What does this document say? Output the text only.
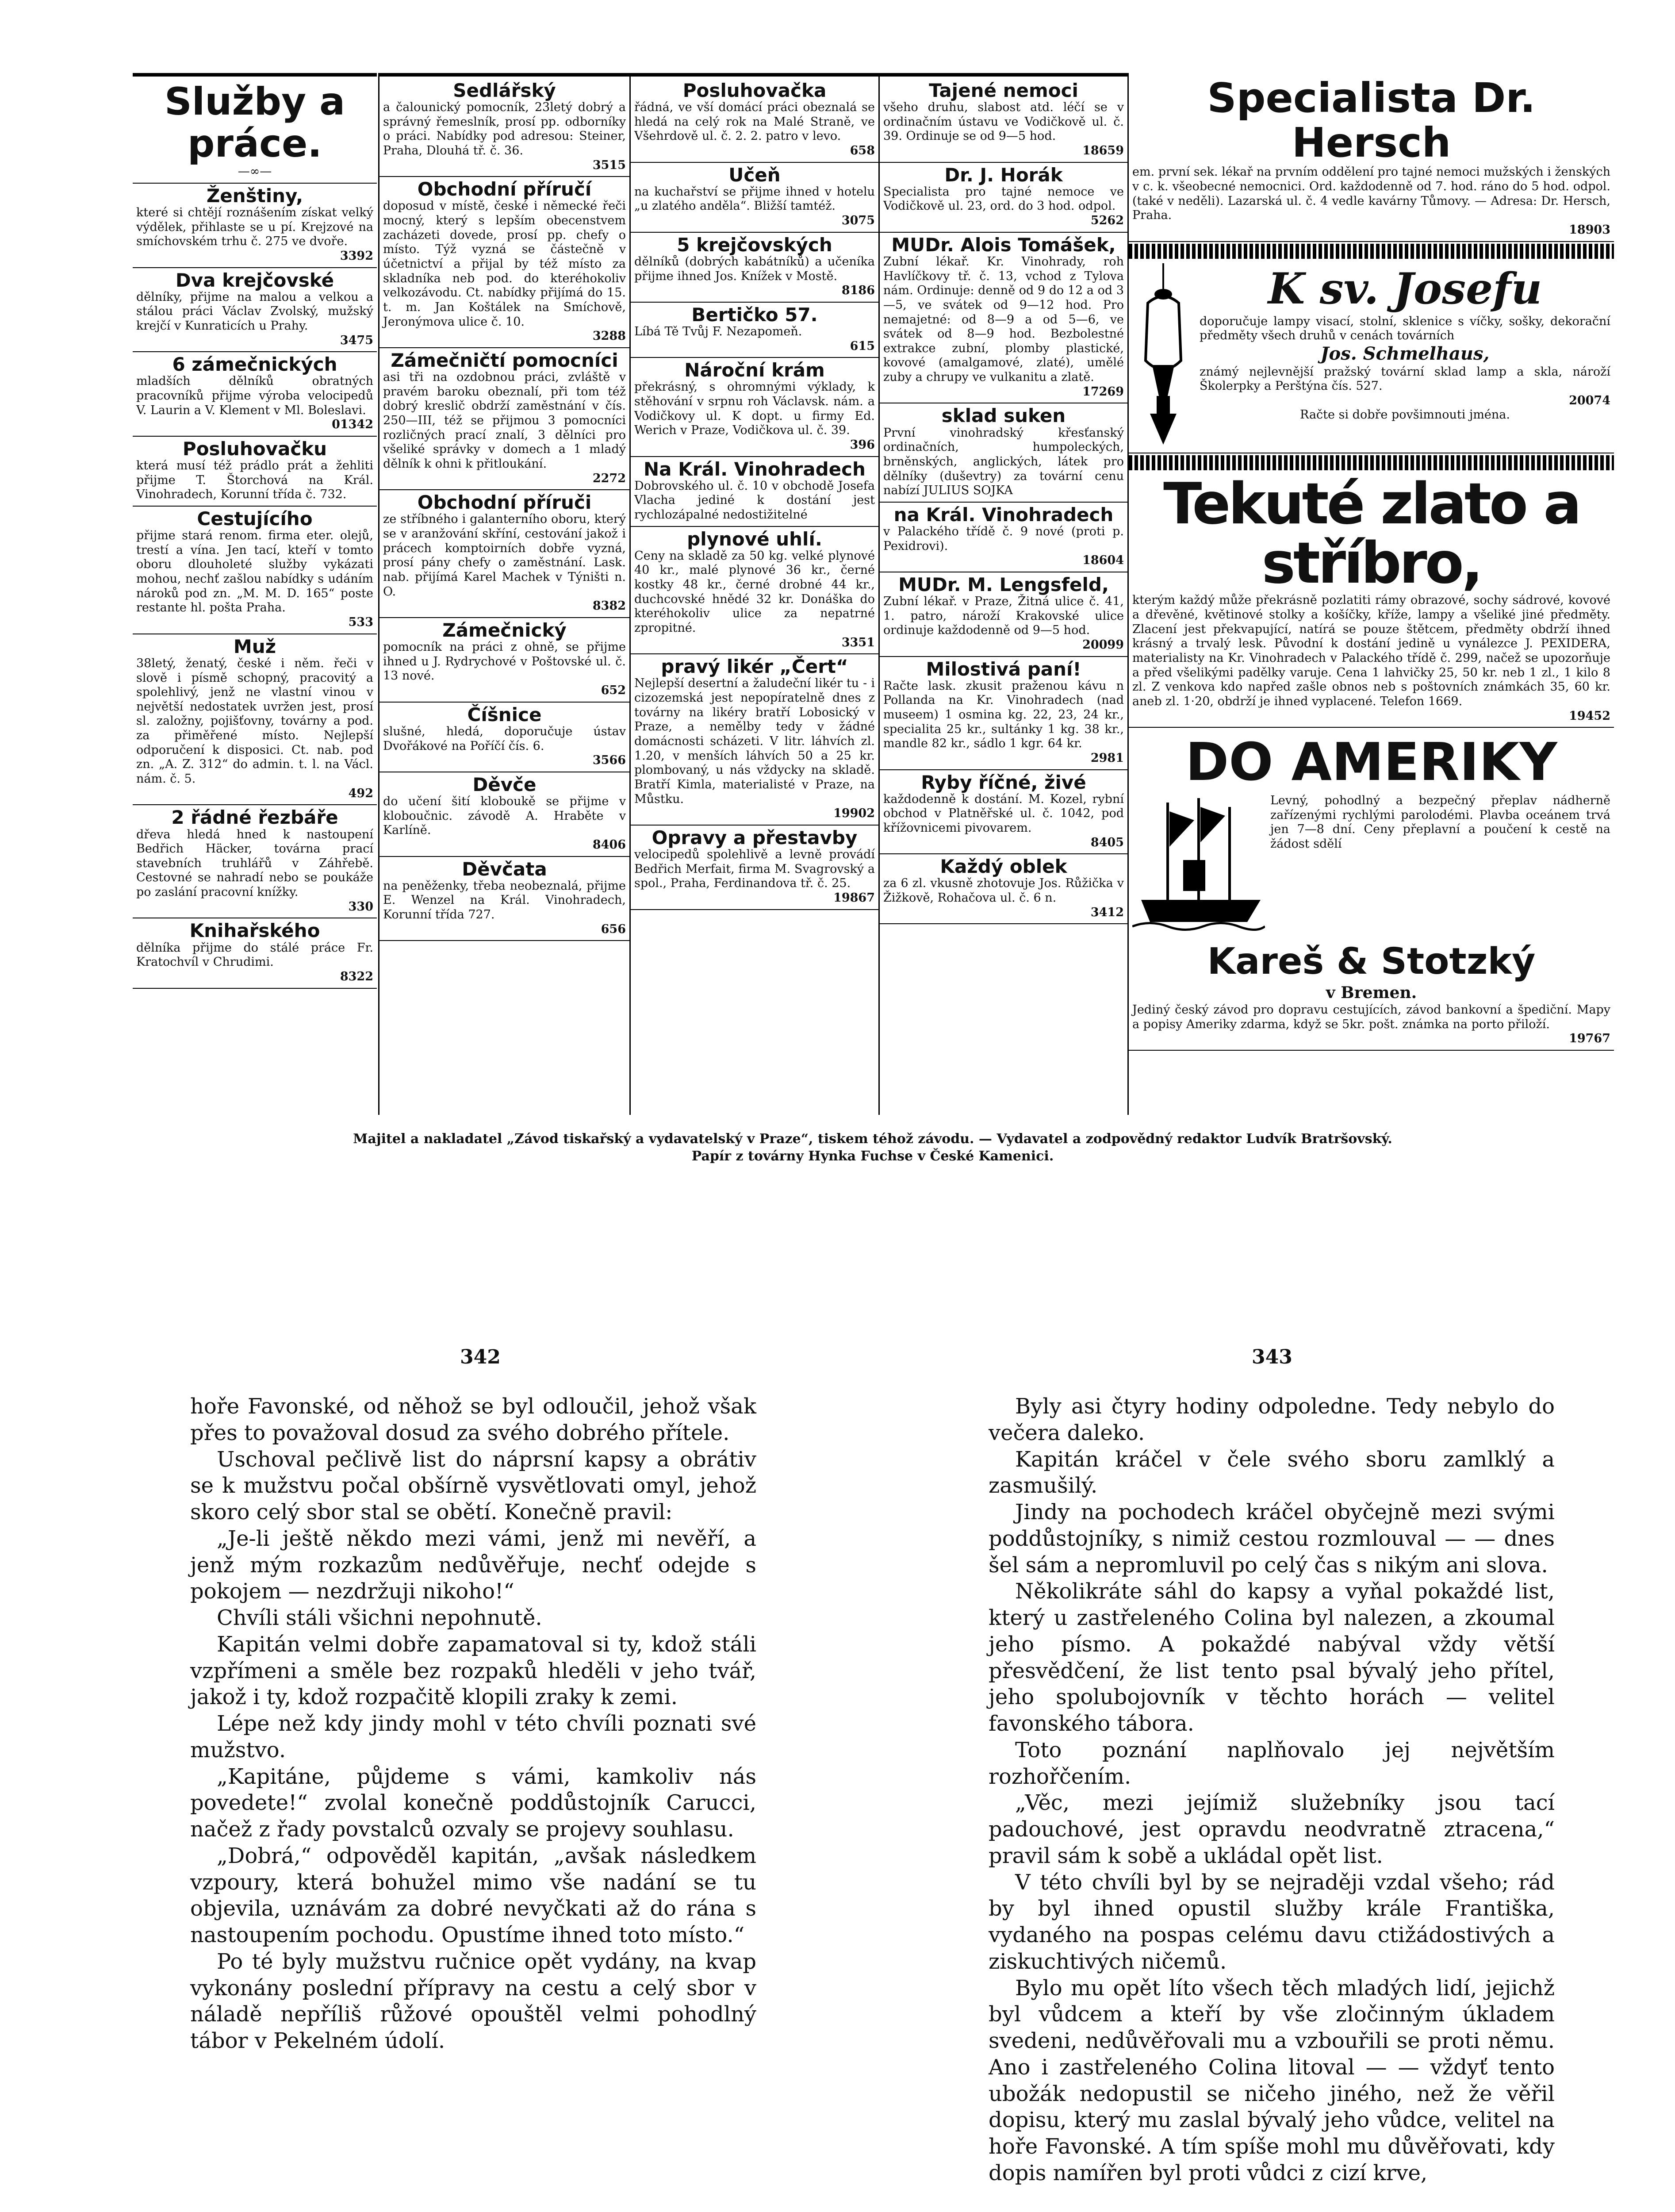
Služby a práce.
—∞—
Ženštiny,

které si chtějí roznášením získat velký výdělek, přihlaste se u pí. Krejzové na smíchovském trhu č. 275 ve dvoře.

3392
Dva krejčovské

dělníky, přijme na malou a velkou a stálou práci Václav Zvolský, mužský krejčí v Kunraticích u Prahy.

3475
6 zámečnických

mladších dělníků obratných pracovníků přijme výroba velocipedů V. Laurin a V. Klement v Ml. Boleslavi.

01342
Posluhovačku

která musí též prádlo prát a žehliti přijme T. Štorchová na Král. Vinohradech, Korunní třída č. 732.

Cestujícího

přijme stará renom. firma eter. olejů, trestí a vína. Jen tací, kteří v tomto oboru dlouholeté služby vykázati mohou, nechť zašlou nabídky s udáním nároků pod zn. „M. M. D. 165“ poste restante hl. pošta Praha.

533
Muž

38letý, ženatý, české i něm. řeči v slově i písmě schopný, pracovitý a spolehlivý, jenž ne vlastní vinou v největší nedostatek uvržen jest, prosí sl. založny, pojišťovny, továrny a pod. za přiměřené místo. Nejlepší odporučení k disposici. Ct. nab. pod zn. „A. Z. 312“ do admin. t. l. na Václ. nám. č. 5.

492
2 řádné řezbáře

dřeva hledá hned k nastoupení Bedřich Häcker, továrna prací stavebních truhlářů v Záhřebě. Cestovné se nahradí nebo se poukáže po zaslání pracovní knížky.

330
Knihařského

dělníka přijme do stálé práce Fr. Kratochvíl v Chrudimi.

8322
Sedlářský

a čalounický pomocník, 23letý dobrý a správný řemeslník, prosí pp. odborníky o práci. Nabídky pod adresou: Steiner, Praha, Dlouhá tř. č. 36.

3515
Obchodní příručí

doposud v místě, české i německé řeči mocný, který s lepším obecenstvem zacházeti dovede, prosí pp. chefy o místo. Týž vyzná se částečně v účetnictví a přijal by též místo za skladníka neb pod. do kteréhokoliv velkozávodu. Ct. nabídky přijímá do 15. t. m. Jan Koštálek na Smíchově, Jeronýmova ulice č. 10.

3288
Zámečničtí pomocníci

asi tři na ozdobnou práci, zvláště v pravém baroku obeznalí, při tom též dobrý kreslič obdrží zaměstnání v čís. 250—III, též se přijmou 3 pomocníci rozličných prací znalí, 3 dělníci pro všeliké správky v domech a 1 mladý dělník k ohni k přitloukání.

2272
Obchodní příruči

ze stříbného i galanterního oboru, který se v aranžování skříní, cestování jakož i prácech komptoirních dobře vyzná, prosí pány chefy o zaměstnání. Lask. nab. přijímá Karel Machek v Týništi n. O.

8382
Zámečnický

pomocník na práci z ohně, se přijme ihned u J. Rydrychové v Poštovské ul. č. 13 nové.

652
Číšnice

slušné, hledá, doporučuje ústav Dvořákové na Poříčí čís. 6.

3566
Děvče

do učení šití kloboukě se přijme v kloboučnic. závodě A. Hraběte v Karlíně.

8406
Děvčata

na peněženky, třeba neobeznalá, přijme E. Wenzel na Král. Vinohradech, Korunní třída 727.

656
Posluhovačka

řádná, ve vší domácí práci obeznalá se hledá na celý rok na Malé Straně, ve Všehrdově ul. č. 2. 2. patro v levo.

658
Učeň

na kuchařství se přijme ihned v hotelu „u zlatého anděla“. Bližší tamtéž.

3075
5 krejčovských

dělníků (dobrých kabátníků) a učeníka přijme ihned Jos. Knížek v Mostě.

8186
Bertičko 57.

Líbá Tě Tvůj F. Nezapomeň.

615
Nároční krám

překrásný, s ohromnými výklady, k stěhování v srpnu roh Václavsk. nám. a Vodičkovy ul. K dopt. u firmy Ed. Werich v Praze, Vodičkova ul. č. 39.

396
Na Král. Vinohradech

Dobrovského ul. č. 10 v obchodě Josefa Vlacha jediné k dostání jest rychlozápalné nedostižitelné

plynové uhlí.

Ceny na skladě za 50 kg. velké plynové 40 kr., malé plynové 36 kr., černé kostky 48 kr., černé drobné 44 kr., duchcovské hnědé 32 kr. Donáška do kteréhokoliv ulice za nepatrné zpropitné.

3351
pravý likér „Čert“

Nejlepší desertní a žaludeční likér tu - i cizozemská jest nepopíratelně dnes z továrny na likéry bratří Lobosický v Praze, a nemělby tedy v žádné domácnosti scházeti. V litr. láhvích zl. 1.20, v menších láhvích 50 a 25 kr. plombovaný, u nás vždycky na skladě. Bratří Kimla, materialisté v Praze, na Můstku.

19902
Opravy a přestavby

velocipedů spolehlivě a levně provádí Bedřich Merfait, firma M. Svagrovský a spol., Praha, Ferdinandova tř. č. 25.

19867
Tajené nemoci

všeho druhu, slabost atd. léčí se v ordinačním ústavu ve Vodičkově ul. č. 39. Ordinuje se od 9—5 hod.

18659
Dr. J. Horák

Specialista pro tajné nemoce ve Vodičkově ul. 23, ord. do 3 hod. odpol.

5262
MUDr. Alois Tomášek,

Zubní lékař. Kr. Vinohrady, roh Havlíčkovy tř. č. 13, vchod z Tylova nám. Ordinuje: denně od 9 do 12 a od 3—5, ve svátek od 9—12 hod. Pro nemajetné: od 8—9 a od 5—6, ve svátek od 8—9 hod. Bezbolestné extrakce zubní, plomby plastické, kovové (amalgamové, zlaté), umělé zuby a chrupy ve vulkanitu a zlatě.

17269
sklad suken

První vinohradský křesťanský ordinačních, humpoleckých, brněnských, anglických, látek pro dělníky (duševtry) za tovární cenu nabízí JULIUS SOJKA

na Král. Vinohradech

v Palackého třídě č. 9 nové (proti p. Pexidrovi).

18604
MUDr. M. Lengsfeld,

Zubní lékař. v Praze, Žitná ulice č. 41, 1. patro, nároží Krakovské ulice ordinuje každodenně od 9—5 hod.

20099
Milostivá paní!

Račte lask. zkusit praženou kávu n Pollanda na Kr. Vinohradech (nad museem) 1 osmina kg. 22, 23, 24 kr., specialita 25 kr., sultánky 1 kg. 38 kr., mandle 82 kr., sádlo 1 kgr. 64 kr.

2981
Ryby říčné, živé

každodenně k dostání. M. Kozel, rybní obchod v Platněřské ul. č. 1042, pod křížovnicemi pivovarem.

8405
Každý oblek

za 6 zl. vkusně zhotovuje Jos. Růžička v Žižkově, Rohačova ul. č. 6 n.

3412
Specialista Dr. Hersch

em. první sek. lékař na prvním oddělení pro tajné nemoci mužských i ženských v c. k. všeobecné nemocnici. Ord. každodenně od 7. hod. ráno do 5 hod. odpol. (také v neděli). Lazarská ul. č. 4 vedle kavárny Tůmovy. — Adresa: Dr. Hersch, Praha.

18903
K sv. Josefu

doporučuje lampy visací, stolní, sklenice s víčky, sošky, dekorační předměty všech druhů v cenách továrních

Jos. Schmelhaus,

známý nejlevnější pražský tovární sklad lamp a skla, nároží Školerpky a Perštýna čís. 527.

20074

Račte si dobře povšimnouti jména.

Tekuté zlato a stříbro,

kterým každý může překrásně pozlatiti rámy obrazové, sochy sádrové, kovové a dřevěné, květinové stolky a košíčky, kříže, lampy a všeliké jiné předměty. Zlacení jest překvapující, natírá se pouze štětcem, předměty obdrží ihned krásný a trvalý lesk. Původní k dostání jedině u vynálezce J. PEXIDERA, materialisty na Kr. Vinohradech v Palackého třídě č. 299, načež se upozorňuje a před všelikými padělky varuje. Cena 1 lahvičky 25, 50 kr. neb 1 zl., 1 kilo 8 zl. Z venkova kdo napřed zašle obnos neb s poštovních známkách 35, 60 kr. aneb zl. 1·20, obdrží je ihned vyplacené. Telefon 1669.

19452
DO AMERIKY

Levný, pohodlný a bezpečný přeplav nádherně zařízenými rychlými parolodémi. Plavba oceánem trvá jen 7—8 dní. Ceny přeplavní a poučení k cestě na žádost sdělí

Kareš & Stotzký

v Bremen.

Jediný český závod pro dopravu cestujících, závod bankovní a špediční. Mapy a popisy Ameriky zdarma, když se 5kr. pošt. známka na porto přiloží.

19767
Majitel a nakladatel „Závod tiskařský a vydavatelský v Praze“, tiskem téhož závodu. — Vydavatel a zodpovědný redaktor Ludvík Bratršovský.
Papír z továrny Hynka Fuchse v České Kamenici.
342	343

hoře Favonské, od něhož se byl odloučil, jehož však přes to považoval dosud za svého dobrého přítele.

Uschoval pečlivě list do náprsní kapsy a obrátiv se k mužstvu počal obšírně vysvětlovati omyl, jehož skoro celý sbor stal se obětí. Konečně pravil:

„Je-li ještě někdo mezi vámi, jenž mi nevěří, a jenž mým rozkazům nedůvěřuje, nechť odejde s pokojem — nezdržuji nikoho!“

Chvíli stáli všichni nepohnutě.

Kapitán velmi dobře zapamatoval si ty, kdož stáli vzpřímeni a směle bez rozpaků hleděli v jeho tvář, jakož i ty, kdož rozpačitě klopili zraky k zemi.

Lépe než kdy jindy mohl v této chvíli poznati své mužstvo.

„Kapitáne, půjdeme s vámi, kamkoliv nás povedete!“ zvolal konečně poddůstojník Carucci, načež z řady povstalců ozvaly se projevy souhlasu.

„Dobrá,“ odpověděl kapitán, „avšak následkem vzpoury, která bohužel mimo vše nadání se tu objevila, uznávám za dobré nevyčkati až do rána s nastoupením pochodu. Opustíme ihned toto místo.“

Po té byly mužstvu ručnice opět vydány, na kvap vykonány poslední přípravy na cestu a celý sbor v náladě nepříliš růžové opouštěl velmi pohodlný tábor v Pekelném údolí.

Byly asi čtyry hodiny odpoledne. Tedy nebylo do večera daleko.

Kapitán kráčel v čele svého sboru zamlklý a zasmušilý.

Jindy na pochodech kráčel obyčejně mezi svými poddůstojníky, s nimiž cestou rozmlouval — — dnes šel sám a nepromluvil po celý čas s nikým ani slova.

Několikráte sáhl do kapsy a vyňal pokaždé list, který u zastřeleného Colina byl nalezen, a zkoumal jeho písmo. A pokaždé nabýval vždy větší přesvědčení, že list tento psal bývalý jeho přítel, jeho spolubojovník v těchto horách — velitel favonského tábora.

Toto poznání naplňovalo jej největším rozhořčením.

„Věc, mezi jejímiž služebníky jsou tací padouchové, jest opravdu neodvratně ztracena,“ pravil sám k sobě a ukládal opět list.

V této chvíli byl by se nejraději vzdal všeho; rád by byl ihned opustil služby krále Františka, vydaného na pospas celému davu ctižádostivých a ziskuchtivých ničemů.

Bylo mu opět líto všech těch mladých lidí, jejichž byl vůdcem a kteří by vše zločinným úkladem svedeni, nedůvěřovali mu a vzbouřili se proti němu. Ano i zastřeleného Colina litoval — — vždyť tento ubožák nedopustil se ničeho jiného, než že věřil dopisu, který mu zaslal bývalý jeho vůdce, velitel na hoře Favonské. A tím spíše mohl mu důvěřovati, kdy dopis namířen byl proti vůdci z cizí krve,
